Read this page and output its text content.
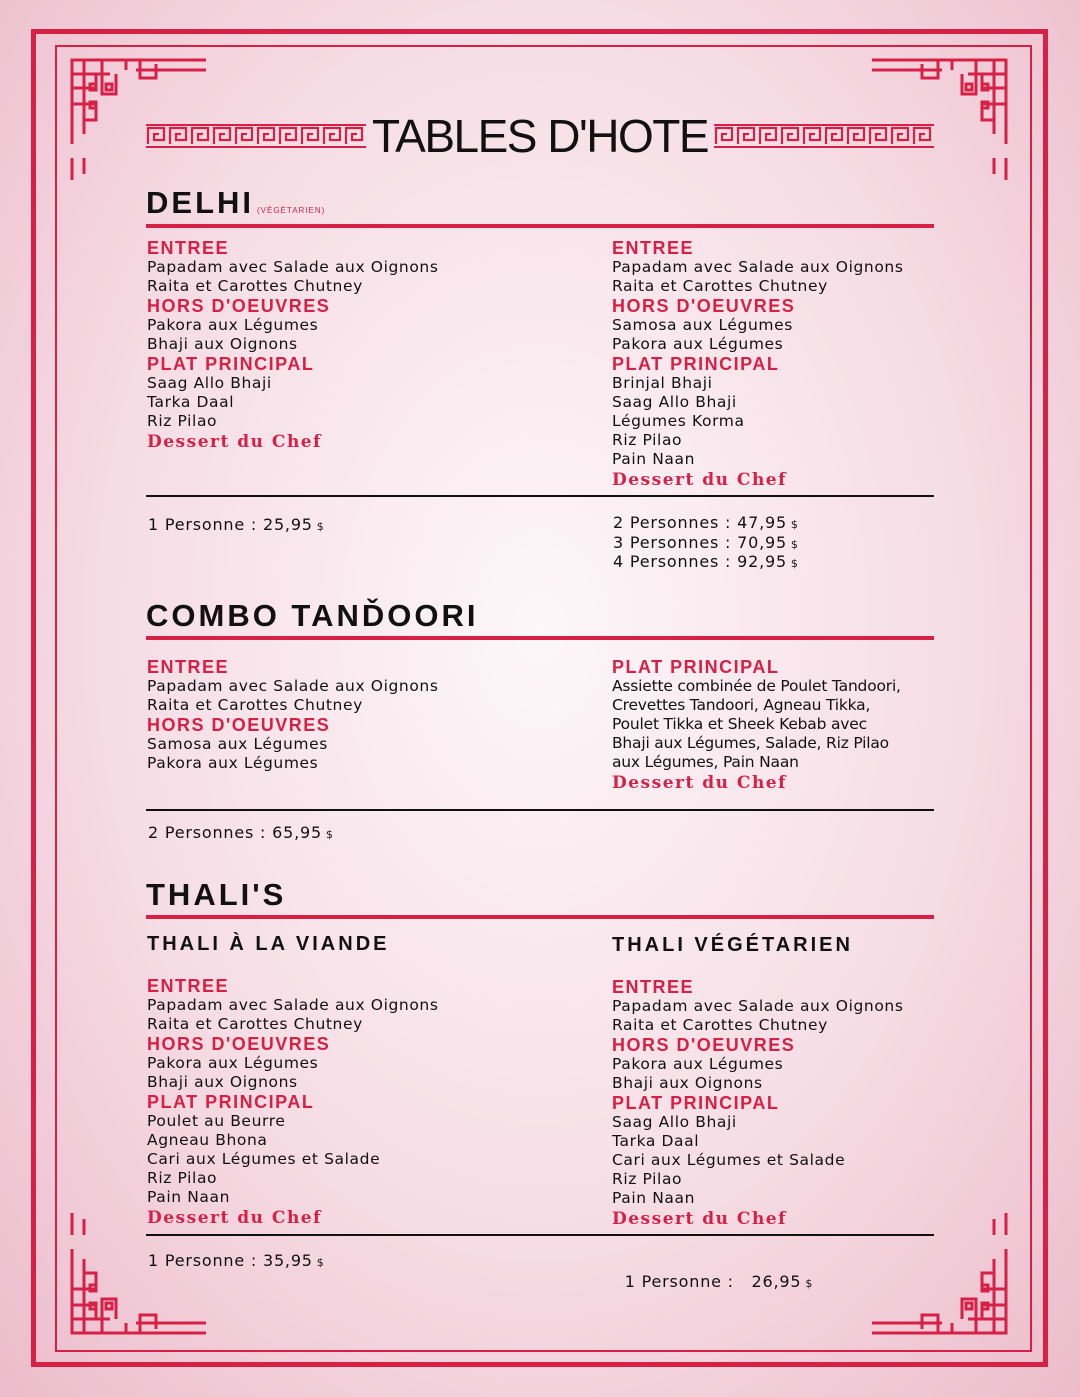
TABLES D'HOTE
DELHI (VÉGÉTARIEN)
ENTREE
Papadam avec Salade aux Oignons
Raita et Carottes Chutney
HORS D'OEUVRES
Pakora aux Légumes
Bhaji aux Oignons
PLAT PRINCIPAL
Saag Allo Bhaji
Tarka Daal
Riz Pilao
Dessert du Chef
ENTREE
Papadam avec Salade aux Oignons
Raita et Carottes Chutney
HORS D'OEUVRES
Samosa aux Légumes
Pakora aux Légumes
PLAT PRINCIPAL
Brinjal Bhaji
Saag Allo Bhaji
Légumes Korma
Riz Pilao
Pain Naan
Dessert du Chef
1 Personne : 25,95 $	2 Personnes : 47,95 $
3 Personnes : 70,95 $
4 Personnes : 92,95 $
COMBO TANĎOORI
ENTREE
Papadam avec Salade aux Oignons
Raita et Carottes Chutney
HORS D'OEUVRES
Samosa aux Légumes
Pakora aux Légumes
PLAT PRINCIPAL
Assiette combinée de Poulet Tandoori,
Crevettes Tandoori, Agneau Tikka,
Poulet Tikka et Sheek Kebab avec
Bhaji aux Légumes, Salade, Riz Pilao
aux Légumes, Pain Naan
Dessert du Chef
2 Personnes : 65,95 $
THALI'S
THALI À LA VIANDE
ENTREE
Papadam avec Salade aux Oignons
Raita et Carottes Chutney
HORS D'OEUVRES
Pakora aux Légumes
Bhaji aux Oignons
PLAT PRINCIPAL
Poulet au Beurre
Agneau Bhona
Cari aux Légumes et Salade
Riz Pilao
Pain Naan
Dessert du Chef
THALI VÉGÉTARIEN
ENTREE
Papadam avec Salade aux Oignons
Raita et Carottes Chutney
HORS D'OEUVRES
Pakora aux Légumes
Bhaji aux Oignons
PLAT PRINCIPAL
Saag Allo Bhaji
Tarka Daal
Cari aux Légumes et Salade
Riz Pilao
Pain Naan
Dessert du Chef
1 Personne : 35,95 $

1 Personne :   26,95 $
